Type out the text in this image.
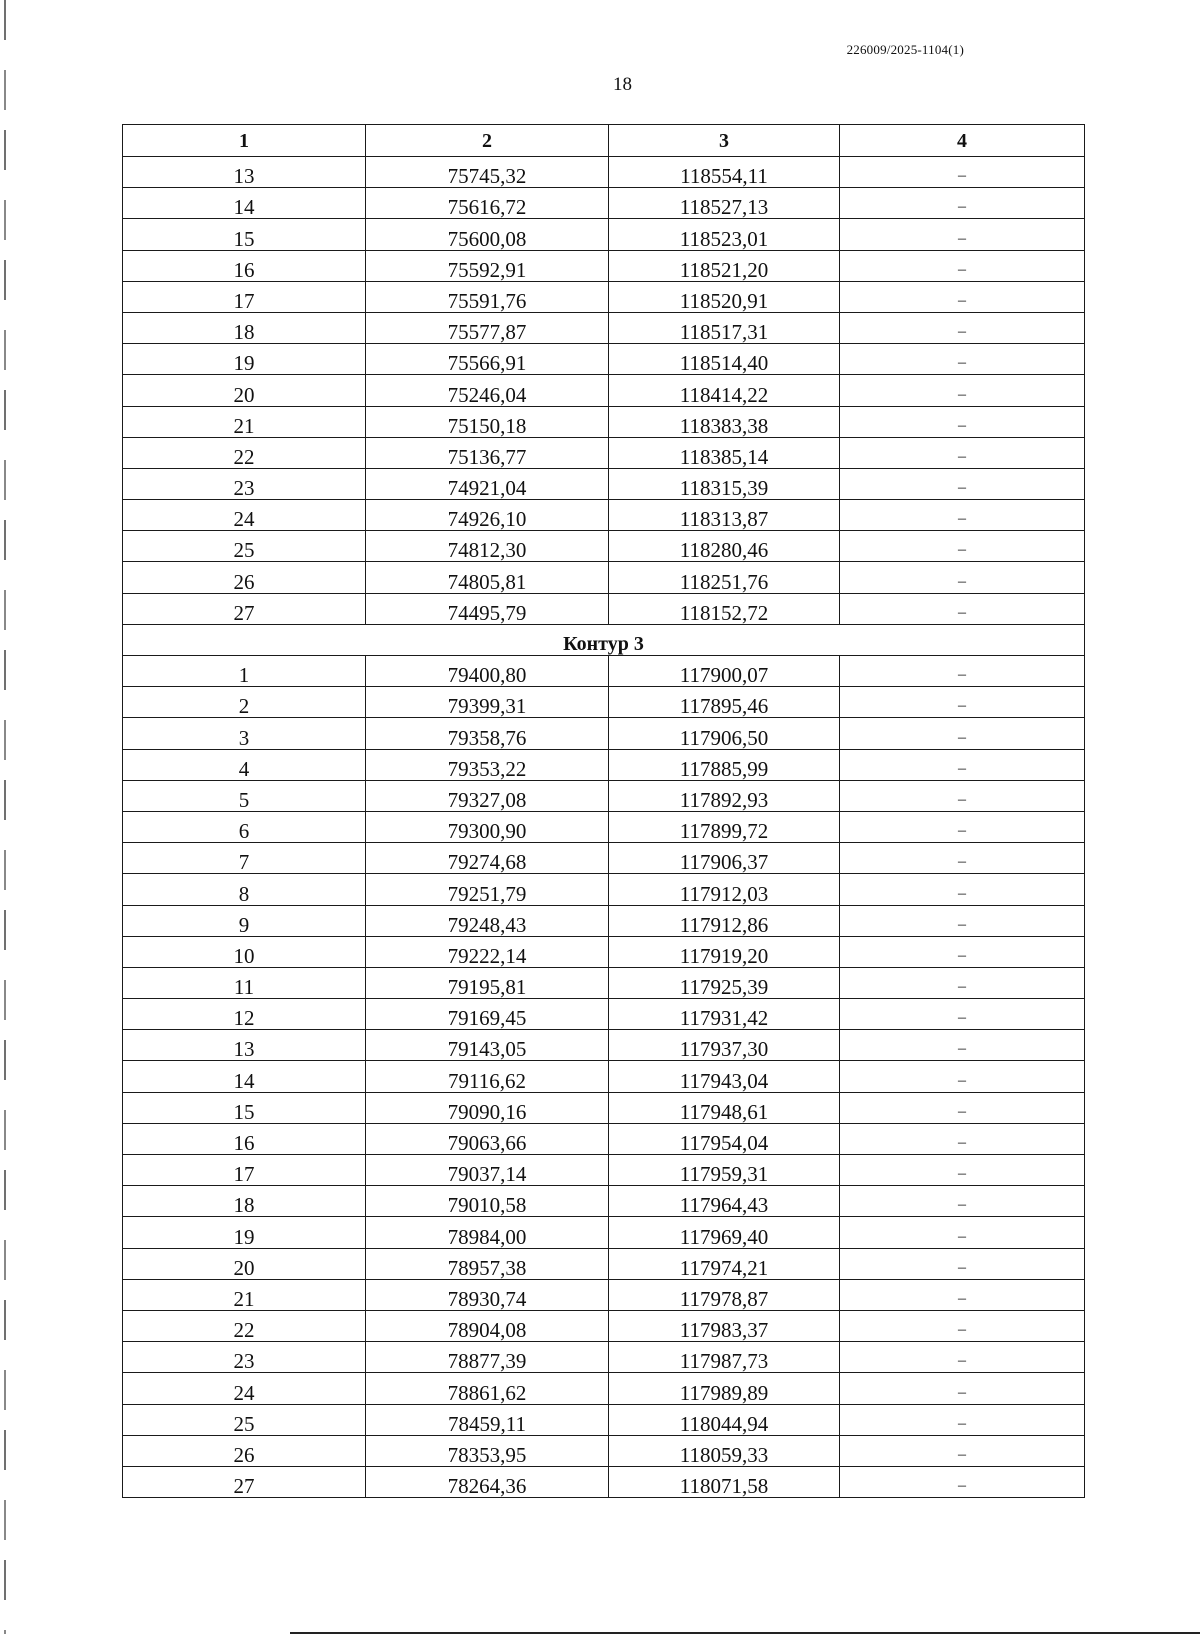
226009/2025-1104(1)
18
1	2	3	4
13	75745,32	118554,11	–
14	75616,72	118527,13	–
15	75600,08	118523,01	–
16	75592,91	118521,20	–
17	75591,76	118520,91	–
18	75577,87	118517,31	–
19	75566,91	118514,40	–
20	75246,04	118414,22	–
21	75150,18	118383,38	–
22	75136,77	118385,14	–
23	74921,04	118315,39	–
24	74926,10	118313,87	–
25	74812,30	118280,46	–
26	74805,81	118251,76	–
27	74495,79	118152,72	–
Контур 3			
1	79400,80	117900,07	–
2	79399,31	117895,46	–
3	79358,76	117906,50	–
4	79353,22	117885,99	–
5	79327,08	117892,93	–
6	79300,90	117899,72	–
7	79274,68	117906,37	–
8	79251,79	117912,03	–
9	79248,43	117912,86	–
10	79222,14	117919,20	–
11	79195,81	117925,39	–
12	79169,45	117931,42	–
13	79143,05	117937,30	–
14	79116,62	117943,04	–
15	79090,16	117948,61	–
16	79063,66	117954,04	–
17	79037,14	117959,31	–
18	79010,58	117964,43	–
19	78984,00	117969,40	–
20	78957,38	117974,21	–
21	78930,74	117978,87	–
22	78904,08	117983,37	–
23	78877,39	117987,73	–
24	78861,62	117989,89	–
25	78459,11	118044,94	–
26	78353,95	118059,33	–
27	78264,36	118071,58	–
